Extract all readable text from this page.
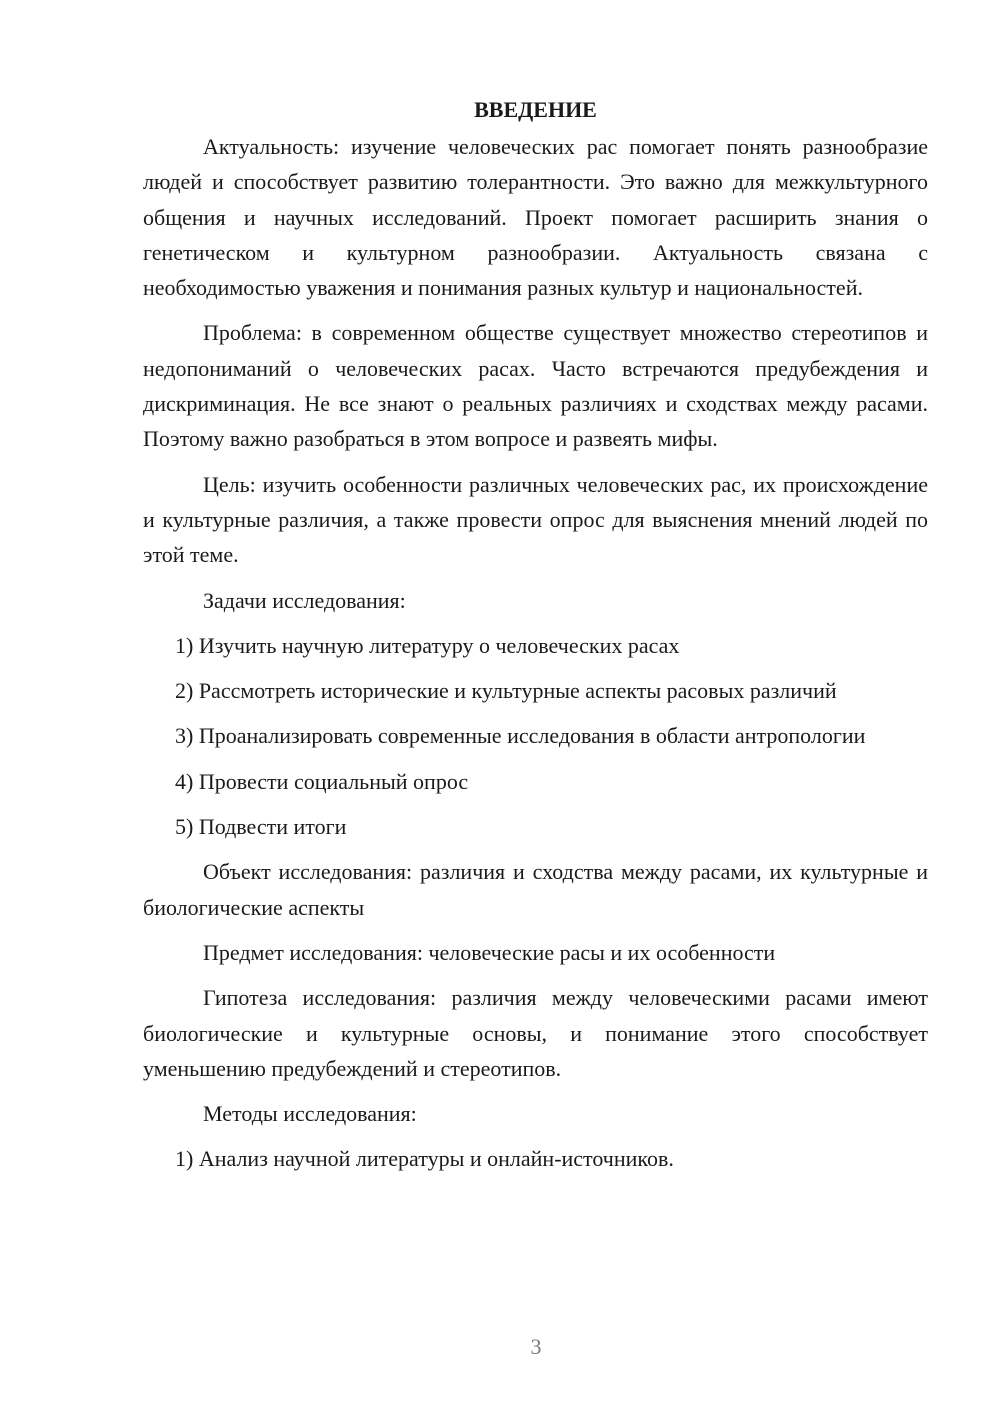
ВВЕДЕНИЕ

Актуальность: изучение человеческих рас помогает понять разнообразие людей и способствует развитию толерантности. Это важно для межкультурного общения и научных исследований. Проект помогает расширить знания о генетическом и культурном разнообразии. Актуальность связана с необходимостью уважения и понимания разных культур и национальностей.

Проблема: в современном обществе существует множество стереотипов и недопониманий о человеческих расах. Часто встречаются предубеждения и дискриминация. Не все знают о реальных различиях и сходствах между расами. Поэтому важно разобраться в этом вопросе и развеять мифы.

Цель: изучить особенности различных человеческих рас, их происхождение и культурные различия, а также провести опрос для выяснения мнений людей по этой теме.

Задачи исследования:

1) Изучить научную литературу о человеческих расах

2) Рассмотреть исторические и культурные аспекты расовых различий

3) Проанализировать современные исследования в области антропологии

4) Провести социальный опрос

5) Подвести итоги

Объект исследования: различия и сходства между расами, их культурные и биологические аспекты

Предмет исследования: человеческие расы и их особенности

Гипотеза исследования: различия между человеческими расами имеют биологические и культурные основы, и понимание этого способствует уменьшению предубеждений и стереотипов.

Методы исследования:

1) Анализ научной литературы и онлайн-источников.

3
